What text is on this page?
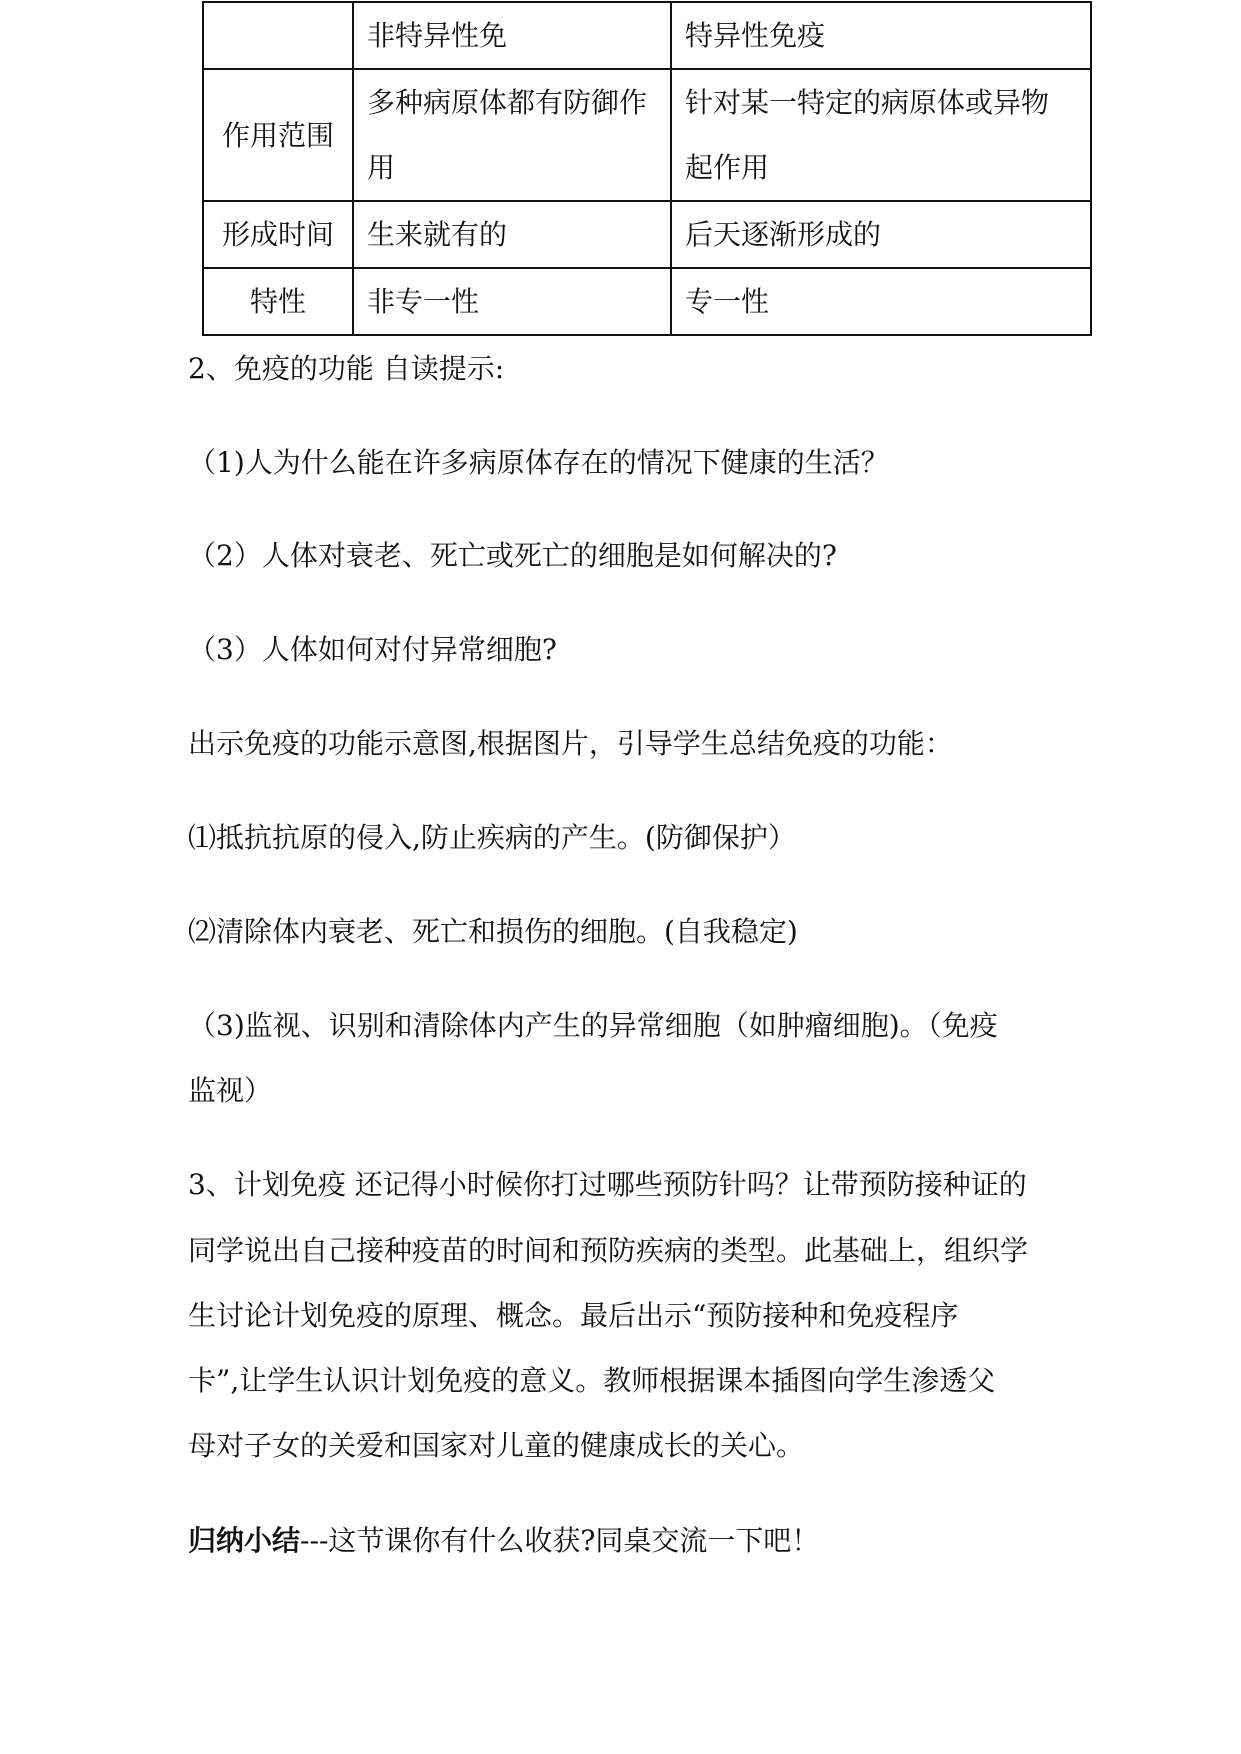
	非特异性免	特异性免疫
作用范围	多种病原体都有防御作用	针对某一特定的病原体或异物起作用

形成时间	生来就有的	后天逐渐形成的
特性	非专一性	专一性
2、免疫的功能 自读提示:
（1)人为什么能在许多病原体存在的情况下健康的生活？
（2）人体对衰老、死亡或死亡的细胞是如何解决的?
（3）人体如何对付异常细胞?
出示免疫的功能示意图,根据图片，引导学生总结免疫的功能：
⑴抵抗抗原的侵入,防止疾病的产生。(防御保护）
⑵清除体内衰老、死亡和损伤的细胞。(自我稳定)
（3)监视、识别和清除体内产生的异常细胞（如肿瘤细胞)。（免疫
监视）
3、计划免疫 还记得小时候你打过哪些预防针吗？让带预防接种证的
同学说出自己接种疫苗的时间和预防疾病的类型。此基础上，组织学
生讨论计划免疫的原理、概念。最后出示“预防接种和免疫程序
卡”,让学生认识计划免疫的意义。教师根据课本插图向学生渗透父
母对子女的关爱和国家对儿童的健康成长的关心。
归纳小结---这节课你有什么收获?同桌交流一下吧！
